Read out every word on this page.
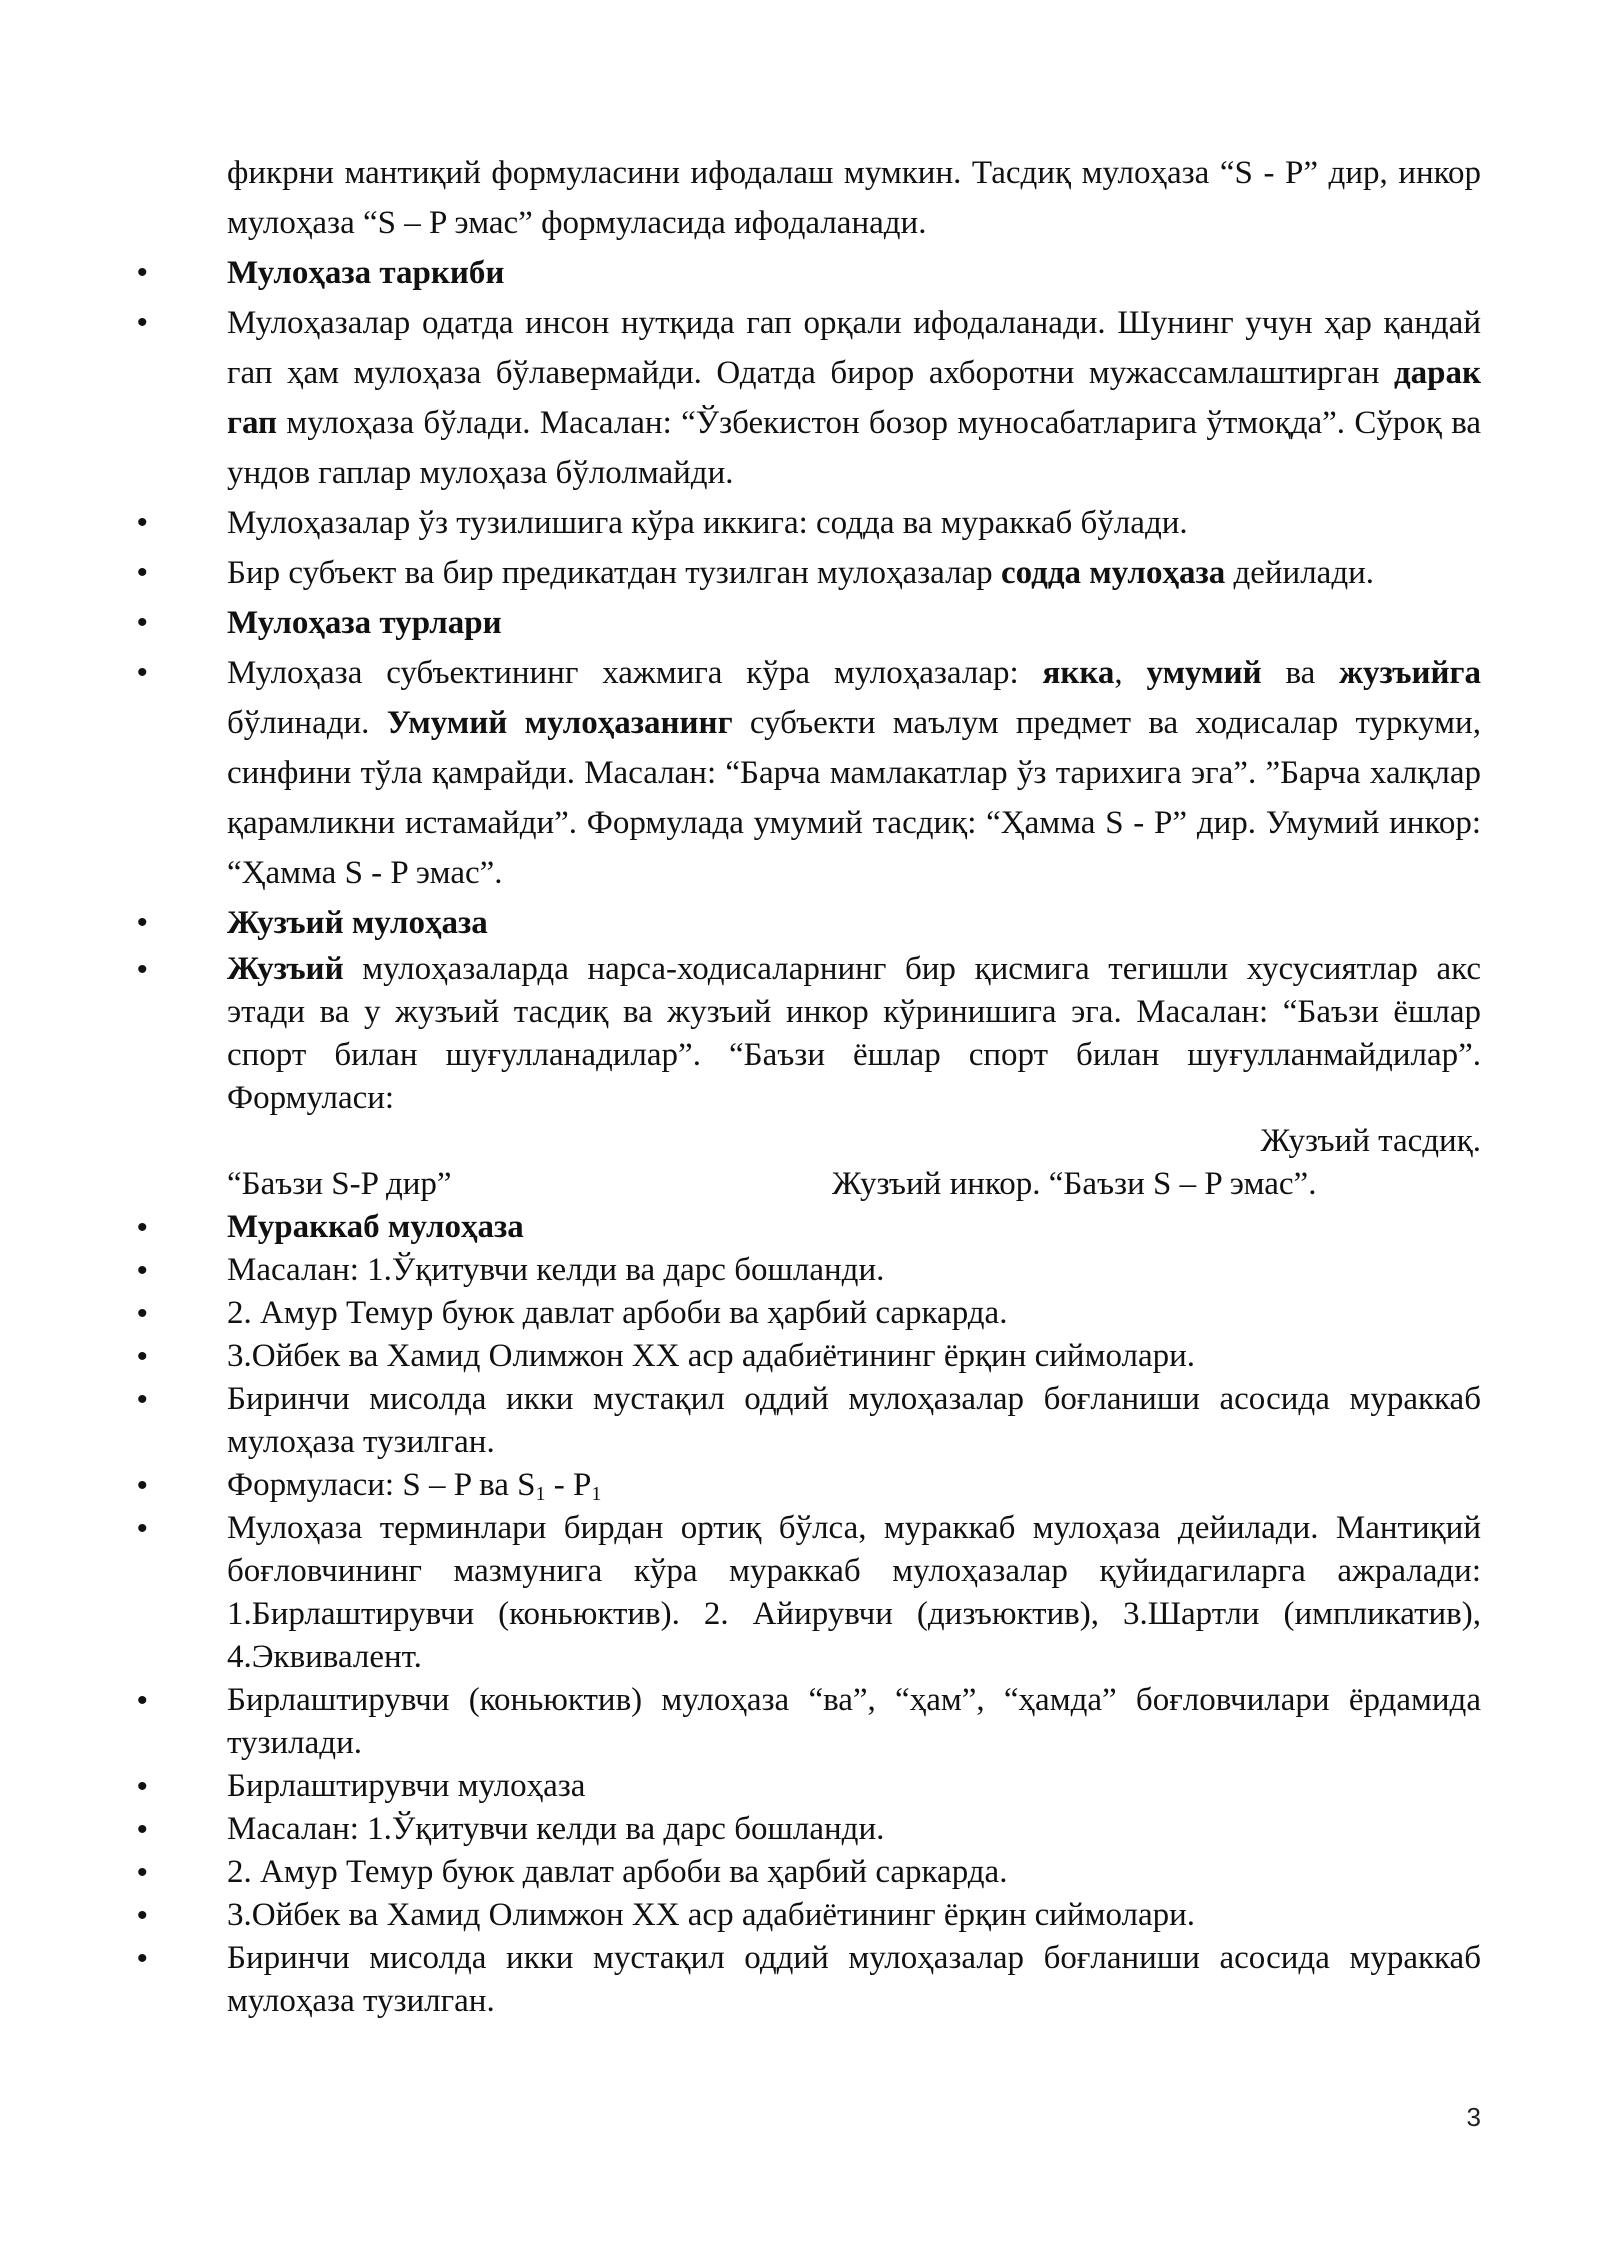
фикрни мантиқий формуласини ифодалаш мумкин. Тасдиқ мулоҳаза “S - P” дир, инкор мулоҳаза “S – P эмас” формуласида ифодаланади.

• Мулоҳаза таркиби
• Мулоҳазалар одатда инсон нутқида гап орқали ифодаланади. Шунинг учун ҳар қандай гап ҳам мулоҳаза бўлавермайди. Одатда бирор ахборотни мужассамлаштирган дарак гап мулоҳаза бўлади. Масалан: “Ўзбекистон бозор муносабатларига ўтмоқда”. Сўроқ ва ундов гаплар мулоҳаза бўлолмайди.
• Мулоҳазалар ўз тузилишига кўра иккига: содда ва мураккаб бўлади.
• Бир субъект ва бир предикатдан тузилган мулоҳазалар содда мулоҳаза дейилади.
• Мулоҳаза турлари
• Мулоҳаза субъектининг хажмига кўра мулоҳазалар: якка, умумий ва жузъийга бўлинади. Умумий мулоҳазанинг субъекти маълум предмет ва ходисалар туркуми, синфини тўла қамрайди. Масалан: “Барча мамлакатлар ўз тарихига эга”. ”Барча халқлар қарамликни истамайди”. Формулада умумий тасдиқ: “Ҳамма S - P” дир. Умумий инкор: “Ҳамма S - P эмас”.
• Жузъий мулоҳаза
• Жузъий мулоҳазаларда нарса-ходисаларнинг бир қисмига тегишли хусусиятлар акс этади ва у жузъий тасдиқ ва жузъий инкор кўринишига эга. Масалан: “Баъзи ёшлар спорт билан шуғулланадилар”. “Баъзи ёшлар спорт билан шуғулланмайдилар”. Формуласи:
Жузъий тасдиқ.
“Баъзи S-P дир”	Жузъий инкор. “Баъзи S – P эмас”.
• Мураккаб мулоҳаза
• Масалан: 1.Ўқитувчи келди ва дарс бошланди.
• 2. Амур Темур буюк давлат арбоби ва ҳарбий саркарда.
• 3.Ойбек ва Хамид Олимжон ХХ аср адабиётининг ёрқин сиймолари.
• Биринчи мисолда икки мустақил оддий мулоҳазалар боғланиши асосида мураккаб мулоҳаза тузилган.
• Формуласи: S – P ва $S_1 - P_1$
• Мулоҳаза терминлари бирдан ортиқ бўлса, мураккаб мулоҳаза дейилади. Мантиқий боғловчининг мазмунига кўра мураккаб мулоҳазалар қуйидагиларга ажралади: 1.Бирлаштирувчи (коньюктив). 2. Айирувчи (дизъюктив), 3.Шартли (импликатив), 4.Эквивалент.
• Бирлаштирувчи (коньюктив) мулоҳаза “ва”, “ҳам”, “ҳамда” боғловчилари ёрдамида тузилади.
• Бирлаштирувчи мулоҳаза
• Масалан: 1.Ўқитувчи келди ва дарс бошланди.
• 2. Амур Темур буюк давлат арбоби ва ҳарбий саркарда.
• 3.Ойбек ва Хамид Олимжон ХХ аср адабиётининг ёрқин сиймолари.
• Биринчи мисолда икки мустақил оддий мулоҳазалар боғланиши асосида мураккаб мулоҳаза тузилган.
3
